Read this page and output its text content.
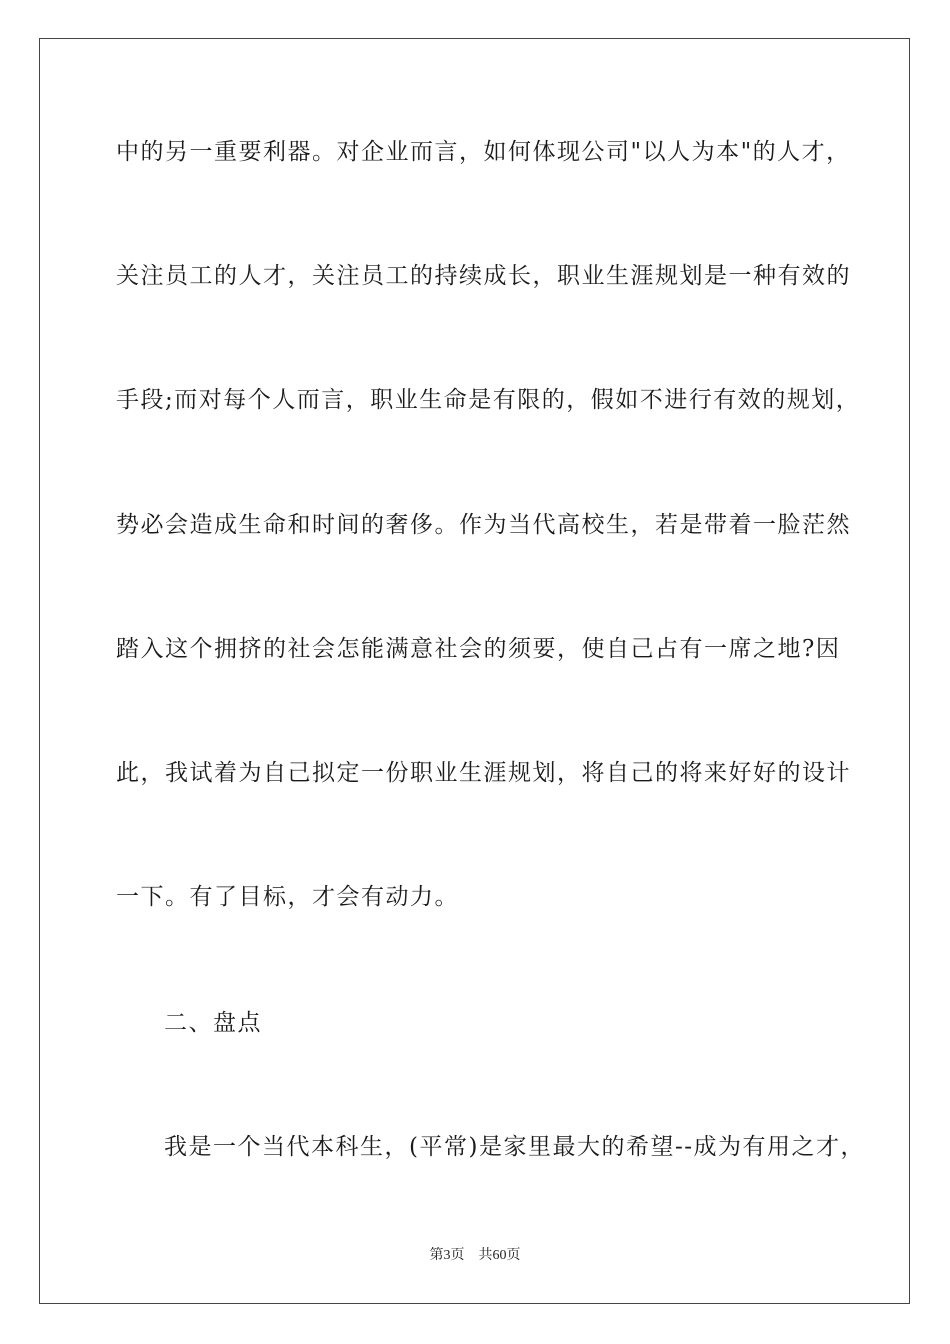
中的另一重要利器。对企业而言，如何体现公司"以人为本"的人才，
关注员工的人才，关注员工的持续成长，职业生涯规划是一种有效的
手段;而对每个人而言，职业生命是有限的，假如不进行有效的规划，
势必会造成生命和时间的奢侈。作为当代高校生，若是带着一脸茫然
踏入这个拥挤的社会怎能满意社会的须要，使自己占有一席之地?因
此，我试着为自己拟定一份职业生涯规划，将自己的将来好好的设计
一下。有了目标，才会有动力。
二、盘点
我是一个当代本科生，(平常)是家里最大的希望--成为有用之才，
第3页 共60页
